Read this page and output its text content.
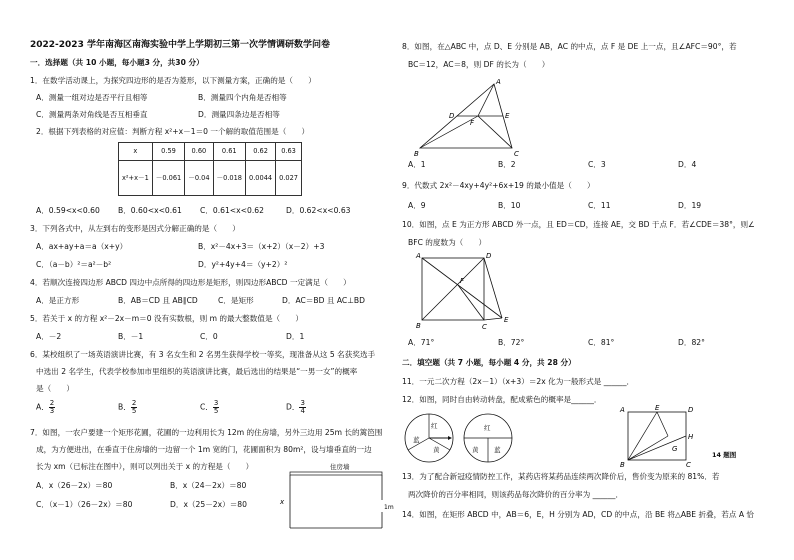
2022-2023 学年南海区南海实验中学上学期初三第一次学情调研数学问卷
一．选择题（共 10 小题，每小题3 分，共30 分）
1．在数学活动课上，为探究四边形的是否为菱形，以下测量方案，正确的是（　　）
A．测量一组对边是否平行且相等	B．测量四个内角是否相等
C．测量两条对角线是否互相垂直	D．测量四条边是否相等
2．根据下列表格的对应值：判断方程 x²+x－1＝0 一个解的取值范围是（　　）
x	0.59	0.60	0.61	0.62	0.63
x²+x－1	－0.061	－0.04	－0.018	0.0044	0.027
A．0.59<x<0.60 B．0.60<x<0.61 C．0.61<x<0.62	D．0.62<x<0.63
3．下列各式中，从左到右的变形是因式分解正确的是（　　）
A．ax+ay+a＝a（x+y）	B．x²－4x+3＝（x+2）（x－2）+3
C．（a－b）²＝a²－b²	D．y²+4y+4＝（y+2）²
4．若顺次连接四边形 ABCD 四边中点所得的四边形是矩形，则四边形ABCD 一定满足（　　）
A．是正方形	B．AB＝CD 且 AB∥CD	C．是矩形	D．AC＝BD 且 AC⊥BD
5．若关于 x 的方程 x²－2x－m＝0 没有实数根，则 m 的最大整数值是（　　）
A．－2	B．－1	C．0	D．1
6．某校组织了一场英语演讲比赛，有 3 名女生和 2 名男生获得学校一等奖，现准备从这 5 名获奖选手
中选出 2 名学生，代表学校参加市里组织的英语演讲比赛，最后选出的结果是“一男一女”的概率
是（　　）
A． $\frac{2}{3}$	B． $\frac{2}{5}$	C． $\frac{3}{5}$	D． $\frac{3}{4}$
7．如图，一农户要建一个矩形花圃，花圃的一边利用长为 12m 的住房墙，另外三边用 25m 长的篱笆围
成，为方便进出，在垂直于住房墙的一边留一个 1m 宽的门，花圃面积为 80m²，设与墙垂直的一边
长为 xm（已标注在图中），则可以列出关于 x 的方程是（　　）
A．x（26－2x）＝80	B．x（24－2x）＝80
C．（x－1）（26－2x）＝80	D．x（25－2x）＝80
住房墙
x
1m
8．如图，在△ABC 中，点 D、E 分别是 AB，AC 的中点，点 F 是 DE 上一点，且∠AFC＝90°，若
BC＝12，AC＝8，则 DF 的长为（　　）
A
B	C
D	E
F
A．1	B．2	C．3	D．4
9．代数式 2x²－4xy+4y²+6x+19 的最小值是（　　）
A．9	B．10	C．11	D．19
10．如图，点 E 为正方形 ABCD 外一点，且 ED＝CD，连接 AE，交 BD 于点 F．若∠CDE＝38°，则∠
BFC 的度数为（　　）
A
B	C
D
E
F
A．71°	B．72°	C．81°	D．82°
二．填空题（共 7 小题，每小题 4 分，共 28 分）
11．一元二次方程（2x－1）（x+3）＝2x 化为一般形式是 ______．
12．如图，同时自由转动转盘，配成紫色的概率是______．
红
蓝
黄
红
黄 蓝
A	E	D
H
B
G
C
14 题图
13．为了配合新冠疫情防控工作，某药店将某药品连续两次降价后，售价变为原来的 81%．若
两次降价的百分率相同，则该药品每次降价的百分率为 ______．
14．如图，在矩形 ABCD 中，AB＝6，E，H 分别为 AD，CD 的中点，沿 BE 将△ABE 折叠，若点 A 恰
